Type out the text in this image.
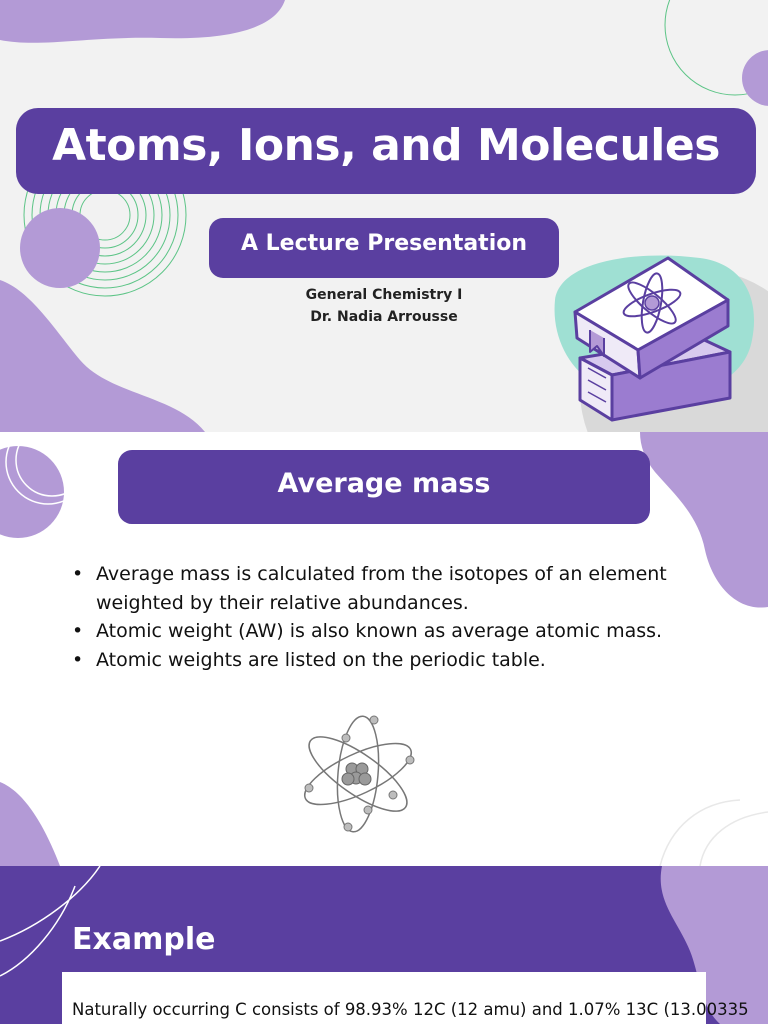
Atoms, Ions, and Molecules
A Lecture Presentation
General Chemistry I
Dr. Nadia Arrousse
Average mass
• Average mass is calculated from the isotopes of an element weighted by their relative abundances.
• Atomic weight (AW) is also known as average atomic mass.
• Atomic weights are listed on the periodic table.
Example
Naturally occurring C consists of 98.93% 12C (12 amu) and 1.07% 13C (13.00335
